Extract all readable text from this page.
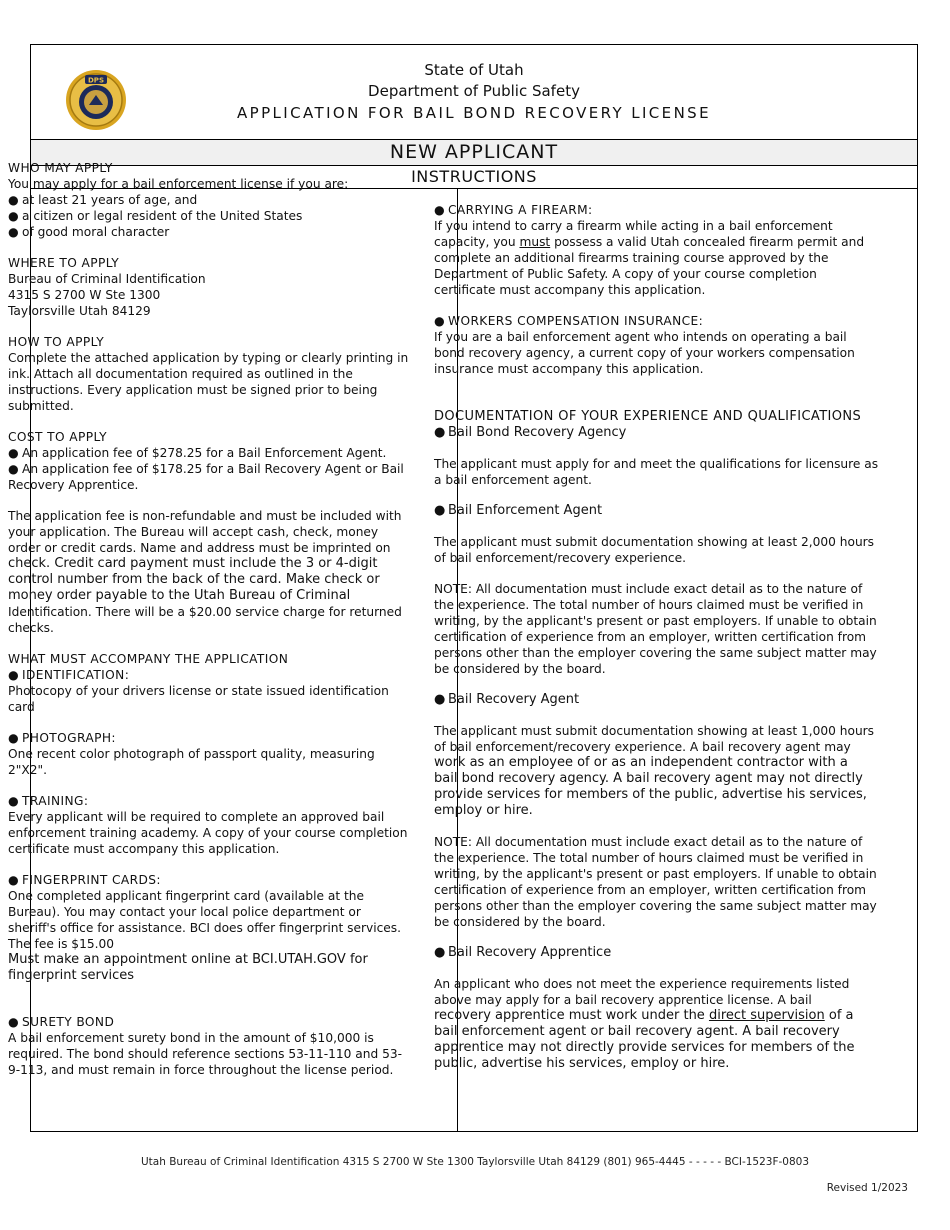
DPS
State of Utah
Department of Public Safety
APPLICATION FOR BAIL BOND RECOVERY LICENSE
NEW APPLICANT
INSTRUCTIONS

WHO MAY APPLY

You may apply for a bail enforcement license if you are:

● at least 21 years of age, and

● a citizen or legal resident of the United States

● of good moral character

WHERE TO APPLY

Bureau of Criminal Identification

4315 S 2700 W Ste 1300

Taylorsville Utah 84129

HOW TO APPLY

Complete the attached application by typing or clearly printing in

ink. Attach all documentation required as outlined in the

instructions. Every application must be signed prior to being

submitted.

COST TO APPLY

● An application fee of $278.25 for a Bail Enforcement Agent.

● An application fee of $178.25 for a Bail Recovery Agent or Bail

Recovery Apprentice.

The application fee is non-refundable and must be included with

your application. The Bureau will accept cash, check, money

order or credit cards. Name and address must be imprinted on

check. Credit card payment must include the 3 or 4-digit

control number from the back of the card. Make check or

money order payable to the Utah Bureau of Criminal

Identification. There will be a $20.00 service charge for returned

checks.

WHAT MUST ACCOMPANY THE APPLICATION

● IDENTIFICATION:

Photocopy of your drivers license or state issued identification

card

● PHOTOGRAPH:

One recent color photograph of passport quality, measuring

2"X2".

● TRAINING:

Every applicant will be required to complete an approved bail

enforcement training academy. A copy of your course completion

certificate must accompany this application.

● FINGERPRINT CARDS:

One completed applicant fingerprint card (available at the

Bureau). You may contact your local police department or

sheriff's office for assistance. BCI does offer fingerprint services.

The fee is $15.00

Must make an appointment online at BCI.UTAH.GOV for

fingerprint services

● SURETY BOND

A bail enforcement surety bond in the amount of $10,000 is

required. The bond should reference sections 53-11-110 and 53-

9-113, and must remain in force throughout the license period.

● CARRYING A FIREARM:

If you intend to carry a firearm while acting in a bail enforcement

capacity, you must possess a valid Utah concealed firearm permit and

complete an additional firearms training course approved by the

Department of Public Safety. A copy of your course completion

certificate must accompany this application.

● WORKERS COMPENSATION INSURANCE:

If you are a bail enforcement agent who intends on operating a bail

bond recovery agency, a current copy of your workers compensation

insurance must accompany this application.

DOCUMENTATION OF YOUR EXPERIENCE AND QUALIFICATIONS

● Bail Bond Recovery Agency

The applicant must apply for and meet the qualifications for licensure as

a bail enforcement agent.

● Bail Enforcement Agent

The applicant must submit documentation showing at least 2,000 hours

of bail enforcement/recovery experience.

NOTE: All documentation must include exact detail as to the nature of

the experience. The total number of hours claimed must be verified in

writing, by the applicant's present or past employers. If unable to obtain

certification of experience from an employer, written certification from

persons other than the employer covering the same subject matter may

be considered by the board.

● Bail Recovery Agent

The applicant must submit documentation showing at least 1,000 hours

of bail enforcement/recovery experience. A bail recovery agent may

work as an employee of or as an independent contractor with a

bail bond recovery agency. A bail recovery agent may not directly

provide services for members of the public, advertise his services,

employ or hire.

NOTE: All documentation must include exact detail as to the nature of

the experience. The total number of hours claimed must be verified in

writing, by the applicant's present or past employers. If unable to obtain

certification of experience from an employer, written certification from

persons other than the employer covering the same subject matter may

be considered by the board.

● Bail Recovery Apprentice

An applicant who does not meet the experience requirements listed

above may apply for a bail recovery apprentice license. A bail

recovery apprentice must work under the direct supervision of a

bail enforcement agent or bail recovery agent. A bail recovery

apprentice may not directly provide services for members of the

public, advertise his services, employ or hire.

Utah Bureau of Criminal Identification 4315 S 2700 W Ste 1300 Taylorsville Utah 84129 (801) 965-4445 - - - - - BCI-1523F-0803
Revised 1/2023
